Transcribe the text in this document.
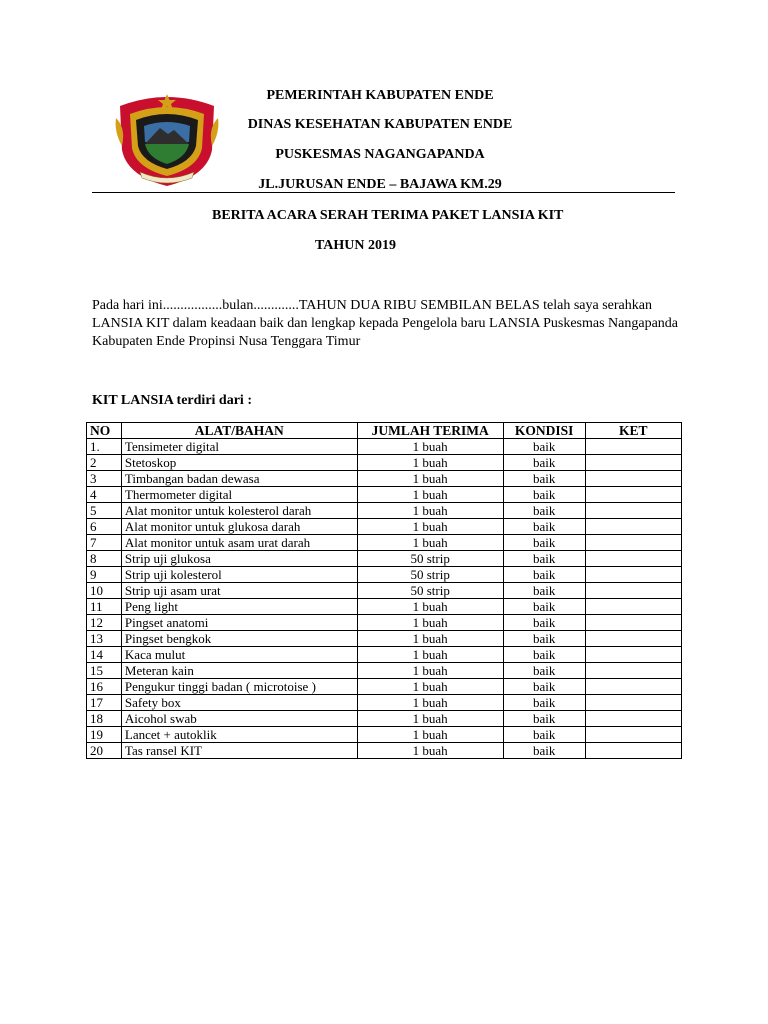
PEMERINTAH KABUPATEN ENDE
DINAS KESEHATAN KABUPATEN ENDE
PUSKESMAS NAGANGAPANDA
JL.JURUSAN ENDE – BAJAWA KM.29
BERITA ACARA SERAH TERIMA PAKET LANSIA KIT
TAHUN 2019
Pada hari ini.................bulan.............TAHUN DUA RIBU SEMBILAN BELAS telah saya serahkan LANSIA KIT dalam keadaan baik dan lengkap kepada Pengelola baru LANSIA Puskesmas Nangapanda Kabupaten Ende Propinsi Nusa Tenggara Timur
KIT LANSIA terdiri dari :
NO	ALAT/BAHAN	JUMLAH TERIMA	KONDISI	KET
1.	Tensimeter digital	1 buah	baik	
2	Stetoskop	1 buah	baik	
3	Timbangan badan dewasa	1 buah	baik	
4	Thermometer digital	1 buah	baik	
5	Alat monitor untuk kolesterol darah	1 buah	baik	
6	Alat monitor untuk glukosa darah	1 buah	baik	
7	Alat monitor untuk asam urat darah	1 buah	baik	
8	Strip uji glukosa	50 strip	baik	
9	Strip uji kolesterol	50 strip	baik	
10	Strip uji asam urat	50 strip	baik	
11	Peng light	1 buah	baik	
12	Pingset anatomi	1 buah	baik	
13	Pingset bengkok	1 buah	baik	
14	Kaca mulut	1 buah	baik	
15	Meteran kain	1 buah	baik	
16	Pengukur tinggi badan ( microtoise )	1 buah	baik	
17	Safety box	1 buah	baik	
18	Aicohol swab	1 buah	baik	
19	Lancet + autoklik	1 buah	baik	
20	Tas ransel KIT	1 buah	baik	
